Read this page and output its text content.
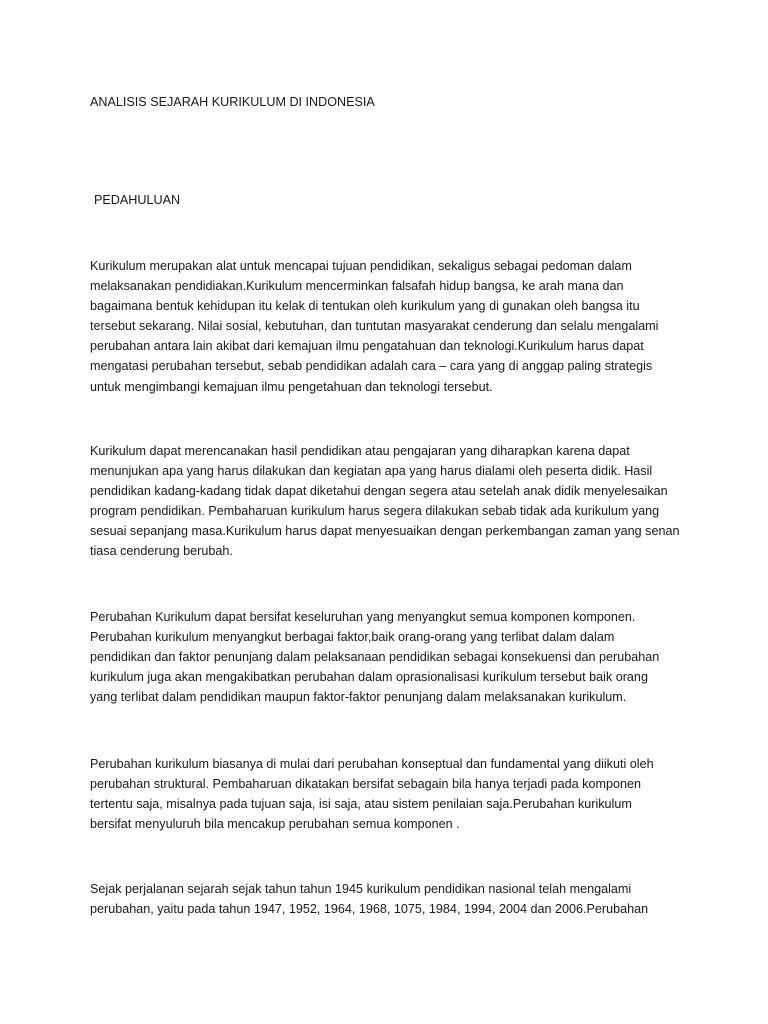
ANALISIS SEJARAH KURIKULUM DI INDONESIA
PEDAHULUAN
Kurikulum merupakan alat untuk mencapai tujuan pendidikan, sekaligus sebagai pedoman dalam
melaksanakan pendidiakan.Kurikulum mencerminkan falsafah hidup bangsa, ke arah mana dan
bagaimana bentuk kehidupan itu kelak di tentukan oleh kurikulum yang di gunakan oleh bangsa itu
tersebut sekarang. Nilai sosial, kebutuhan, dan tuntutan masyarakat cenderung dan selalu mengalami
perubahan antara lain akibat dari kemajuan ilmu pengatahuan dan teknologi.Kurikulum harus dapat
mengatasi perubahan tersebut, sebab pendidikan adalah cara – cara yang di anggap paling strategis
untuk mengimbangi kemajuan ilmu pengetahuan dan teknologi tersebut.
Kurikulum dapat merencanakan hasil pendidikan atau pengajaran yang diharapkan karena dapat
menunjukan apa yang harus dilakukan dan kegiatan apa yang harus dialami oleh peserta didik. Hasil
pendidikan kadang-kadang tidak dapat diketahui dengan segera atau setelah anak didik menyelesaikan
program pendidikan. Pembaharuan kurikulum harus segera dilakukan sebab tidak ada kurikulum yang
sesuai sepanjang masa.Kurikulum harus dapat menyesuaikan dengan perkembangan zaman yang senan
tiasa cenderung berubah.
Perubahan Kurikulum dapat bersifat keseluruhan yang menyangkut semua komponen komponen.
Perubahan kurikulum menyangkut berbagai faktor,baik orang-orang yang terlibat dalam dalam
pendidikan dan faktor penunjang dalam pelaksanaan pendidikan sebagai konsekuensi dan perubahan
kurikulum juga akan mengakibatkan perubahan dalam oprasionalisasi kurikulum tersebut baik orang
yang terlibat dalam pendidikan maupun faktor-faktor penunjang dalam melaksanakan kurikulum.
Perubahan kurikulum biasanya di mulai dari perubahan konseptual dan fundamental yang diikuti oleh
perubahan struktural. Pembaharuan dikatakan bersifat sebagain bila hanya terjadi pada komponen
tertentu saja, misalnya pada tujuan saja, isi saja, atau sistem penilaian saja.Perubahan kurikulum
bersifat menyuluruh bila mencakup perubahan semua komponen .
Sejak perjalanan sejarah sejak tahun tahun 1945 kurikulum pendidikan nasional telah mengalami
perubahan, yaitu pada tahun 1947, 1952, 1964, 1968, 1075, 1984, 1994, 2004 dan 2006.Perubahan
